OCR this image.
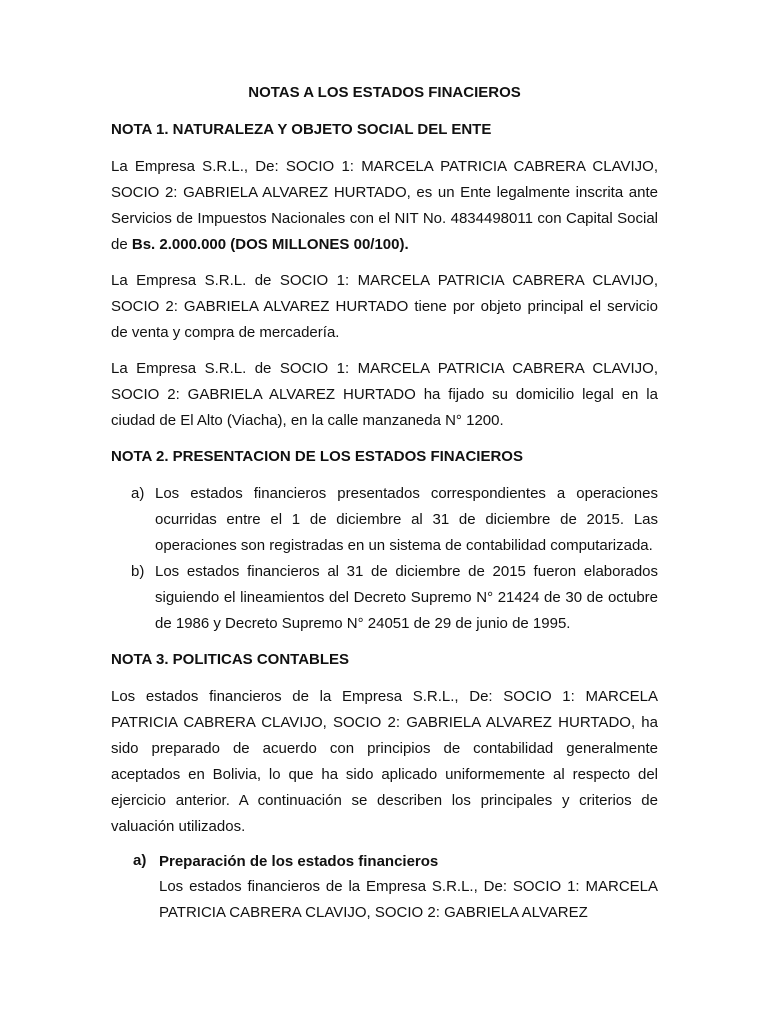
NOTAS A LOS ESTADOS FINACIEROS
NOTA 1. NATURALEZA Y OBJETO SOCIAL DEL ENTE

La Empresa S.R.L., De: SOCIO 1: MARCELA PATRICIA CABRERA CLAVIJO, SOCIO 2: GABRIELA ALVAREZ HURTADO, es un Ente legalmente inscrita ante Servicios de Impuestos Nacionales con el NIT No. 4834498011 con Capital Social de Bs. 2.000.000 (DOS MILLONES 00/100).

La Empresa S.R.L. de SOCIO 1: MARCELA PATRICIA CABRERA CLAVIJO, SOCIO 2: GABRIELA ALVAREZ HURTADO tiene por objeto principal el servicio de venta y compra de mercadería.

La Empresa S.R.L. de SOCIO 1: MARCELA PATRICIA CABRERA CLAVIJO, SOCIO 2: GABRIELA ALVAREZ HURTADO ha fijado su domicilio legal en la ciudad de El Alto (Viacha), en la calle manzaneda N° 1200.

NOTA 2. PRESENTACION DE LOS ESTADOS FINACIEROS
a) Los estados financieros presentados correspondientes a operaciones ocurridas entre el 1 de diciembre al 31 de diciembre de 2015. Las operaciones son registradas en un sistema de contabilidad computarizada.
b) Los estados financieros al 31 de diciembre de 2015 fueron elaborados siguiendo el lineamientos del Decreto Supremo N° 21424 de 30 de octubre de 1986 y Decreto Supremo N° 24051 de 29 de junio de 1995.
NOTA 3. POLITICAS CONTABLES

Los estados financieros de la Empresa S.R.L., De: SOCIO 1: MARCELA PATRICIA CABRERA CLAVIJO, SOCIO 2: GABRIELA ALVAREZ HURTADO, ha sido preparado de acuerdo con principios de contabilidad generalmente aceptados en Bolivia, lo que ha sido aplicado uniformemente al respecto del ejercicio anterior. A continuación se describen los principales y criterios de valuación utilizados.

a) Preparación de los estados financieros

Los estados financieros de la Empresa S.R.L., De: SOCIO 1: MARCELA PATRICIA CABRERA CLAVIJO, SOCIO 2: GABRIELA ALVAREZ
